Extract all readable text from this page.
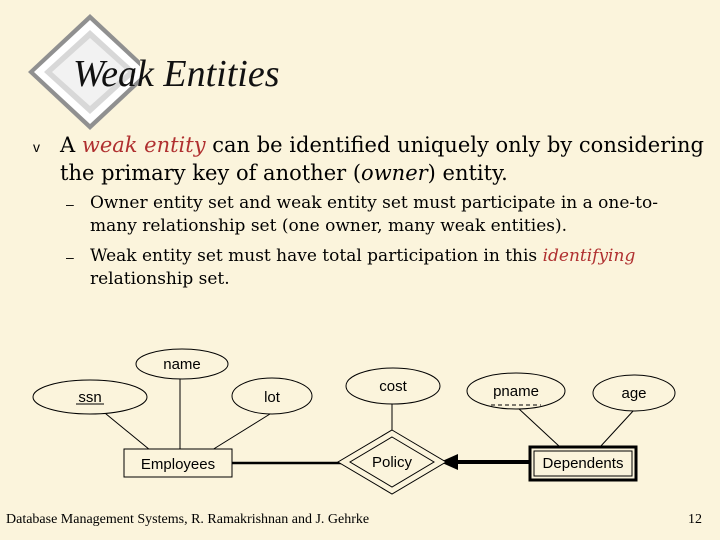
Weak Entities
v A weak entity can be identified uniquely only by considering the primary key of another (owner) entity.
– Owner entity set and weak entity set must participate in a one-to-many relationship set (one owner, many weak entities).
– Weak entity set must have total participation in this identifying relationship set.
name
ssn	lot
cost	pname	age
Employees	Policy	Dependents
Database Management Systems, R. Ramakrishnan and J. Gehrke	12
